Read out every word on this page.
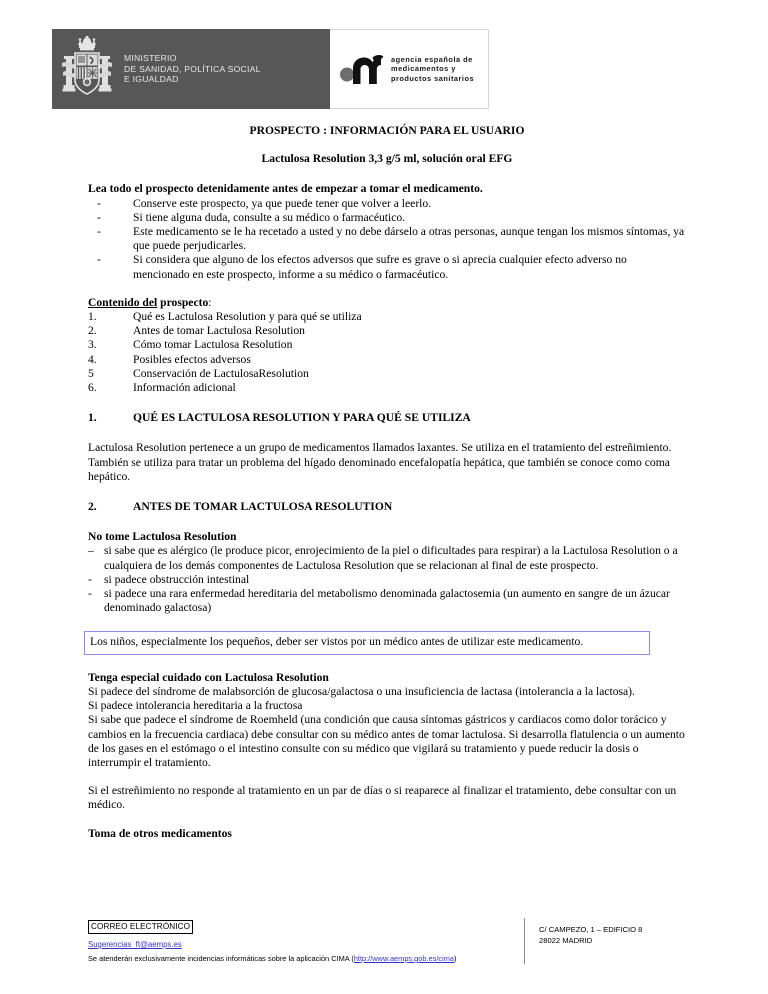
MINISTERIO
DE SANIDAD, POLÍTICA SOCIAL
E IGUALDAD
agencia española de
medicamentos y
productos sanitarios

PROSPECTO : INFORMACIÓN PARA EL USUARIO

Lactulosa Resolution 3,3 g/5 ml, solución oral EFG

Lea todo el prospecto detenidamente antes de empezar a tomar el medicamento.

-	Conserve este prospecto, ya que puede tener que volver a leerlo.
-	Si tiene alguna duda, consulte a su médico o farmacéutico.
-	Este medicamento se le ha recetado a usted y no debe dárselo a otras personas, aunque tengan los mismos síntomas, ya que puede perjudicarles.
-	Si considera que alguno de los efectos adversos que sufre es grave o si aprecia cualquier efecto adverso no mencionado en este prospecto, informe a su médico o farmacéutico.

Contenido del prospecto:

1.	Qué es Lactulosa Resolution y para qué se utiliza
2.	Antes de tomar Lactulosa Resolution
3.	Cómo tomar Lactulosa Resolution
4.	Posibles efectos adversos
5	Conservación de LactulosaResolution
6.	Información adicional
1.	QUÉ ES LACTULOSA RESOLUTION Y PARA QUÉ SE UTILIZA

Lactulosa Resolution pertenece a un grupo de medicamentos llamados laxantes. Se utiliza en el tratamiento del estreñimiento. También se utiliza para tratar un problema del hígado denominado encefalopatía hepática, que también se conoce como coma hepático.

2.	ANTES DE TOMAR LACTULOSA RESOLUTION

No tome Lactulosa Resolution

– si sabe que es alérgico (le produce picor, enrojecimiento de la piel o dificultades para respirar) a la Lactulosa Resolution o a cualquiera de los demás componentes de Lactulosa Resolution que se relacionan al final de este prospecto.
-	si padece obstrucción intestinal
-	si padece una rara enfermedad hereditaria del metabolismo denominada galactosemia (un aumento en sangre de un ázucar denominado galactosa)
Los niños, especialmente los pequeños, deber ser vistos por un médico antes de utilizar este medicamento.

Tenga especial cuidado con Lactulosa Resolution

Si padece del síndrome de malabsorción de glucosa/galactosa o una insuficiencia de lactasa (intolerancia a la lactosa).

Si padece intolerancia hereditaria a la fructosa

Si sabe que padece el síndrome de Roemheld (una condición que causa síntomas gástricos y cardiacos como dolor torácico y cambios en la frecuencia cardiaca) debe consultar con su médico antes de tomar lactulosa. Si desarrolla flatulencia o un aumento de los gases en el estómago o el intestino consulte con su médico que vigilará su tratamiento y puede reducir la dosis o interrumpir el tratamiento.

Si el estreñimiento no responde al tratamiento en un par de días o si reaparece al finalizar el tratamiento, debe consultar con un médico.

Toma de otros medicamentos

CORREO ELECTRÓNICO
Sugerencias_ft@aemps.es
Se atenderán exclusivamente incidencias informáticas sobre la aplicación CIMA (http://www.aemps.gob.es/cima)
C/ CAMPEZO, 1 – EDIFICIO 8
28022 MADRID
